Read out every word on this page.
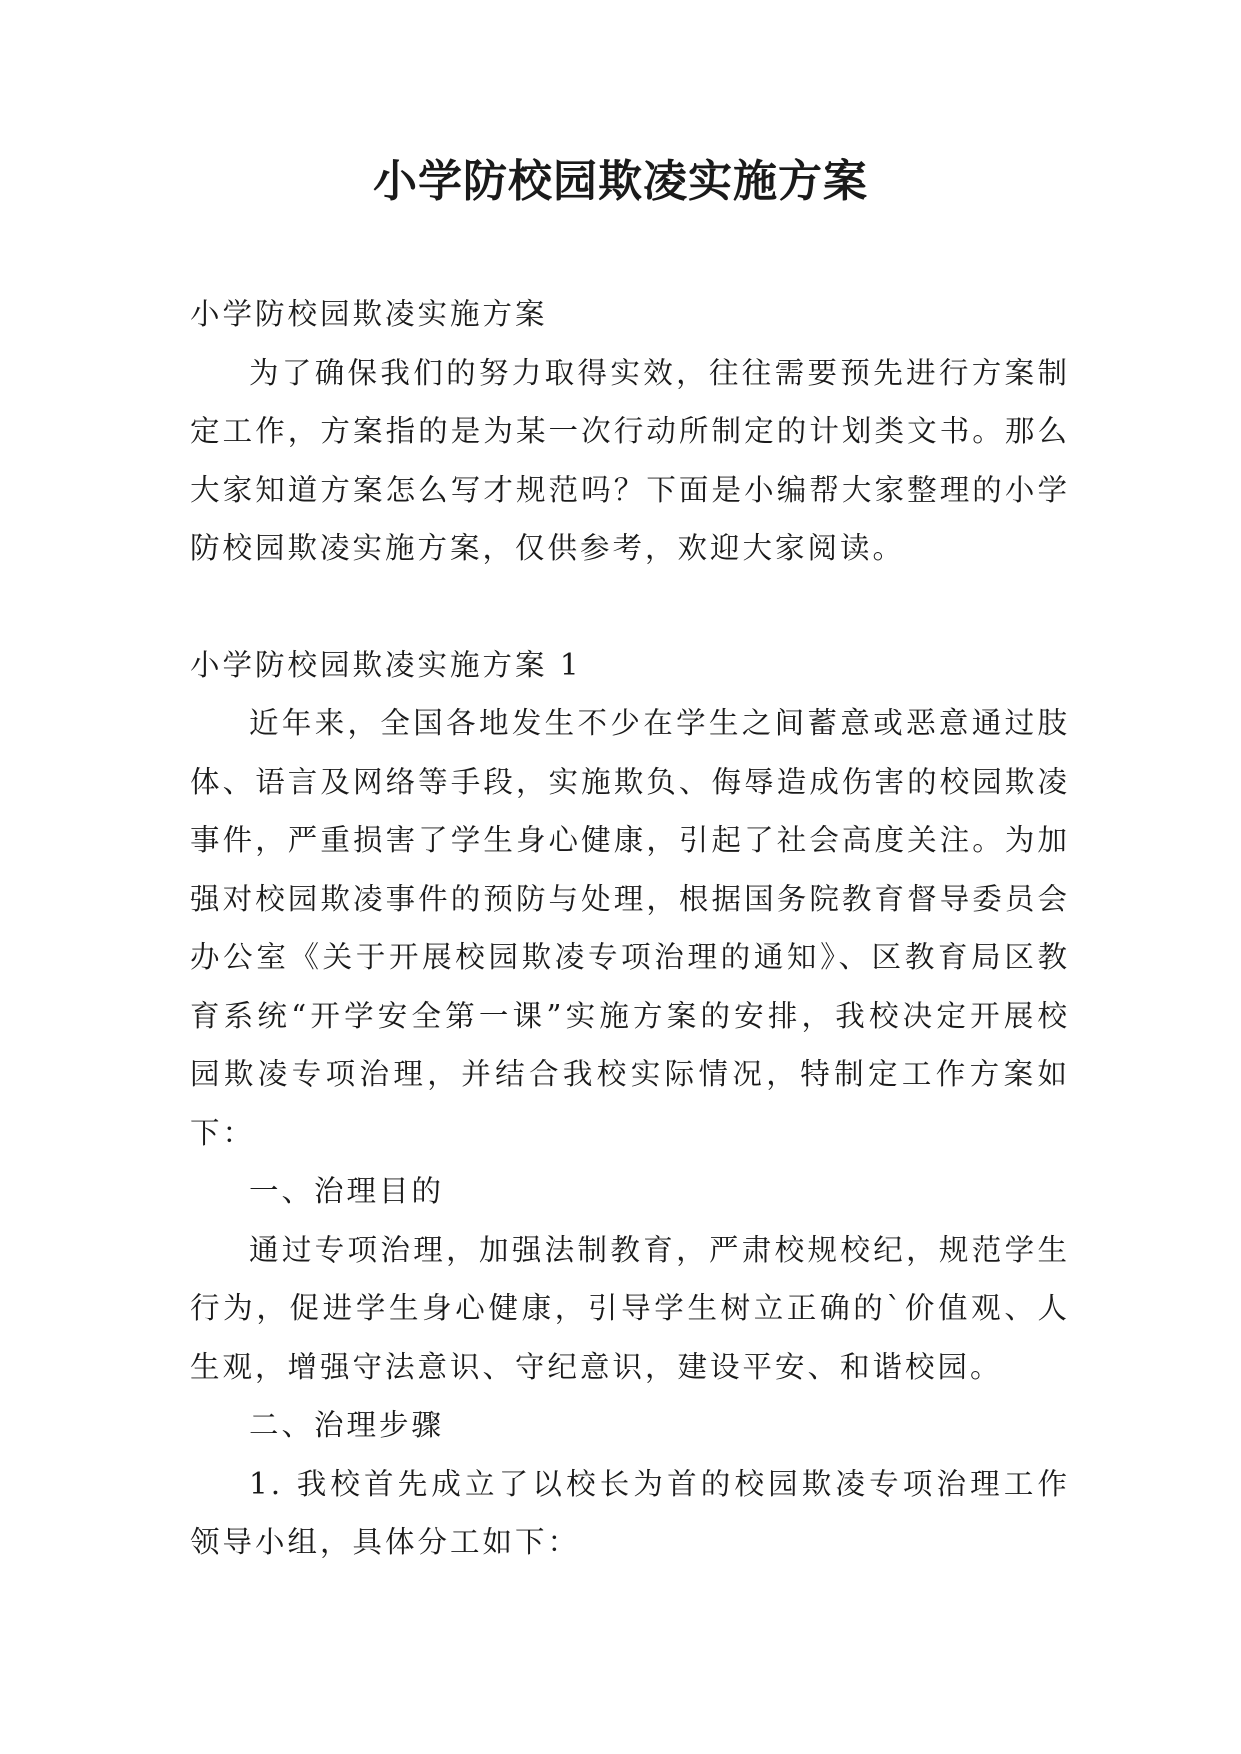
小学防校园欺凌实施方案

小学防校园欺凌实施方案

为了确保我们的努力取得实效，往往需要预先进行方案制定工作，方案指的是为某一次行动所制定的计划类文书。那么大家知道方案怎么写才规范吗？下面是小编帮大家整理的小学防校园欺凌实施方案，仅供参考，欢迎大家阅读。

小学防校园欺凌实施方案 1

近年来，全国各地发生不少在学生之间蓄意或恶意通过肢体、语言及网络等手段，实施欺负、侮辱造成伤害的校园欺凌事件，严重损害了学生身心健康，引起了社会高度关注。为加强对校园欺凌事件的预防与处理，根据国务院教育督导委员会办公室《关于开展校园欺凌专项治理的通知》、区教育局区教育系统“开学安全第一课”实施方案的安排，我校决定开展校园欺凌专项治理，并结合我校实际情况，特制定工作方案如下：

一、治理目的

通过专项治理，加强法制教育，严肃校规校纪，规范学生行为，促进学生身心健康，引导学生树立正确的`价值观、人生观，增强守法意识、守纪意识，建设平安、和谐校园。

二、治理步骤

1. 我校首先成立了以校长为首的校园欺凌专项治理工作领导小组，具体分工如下：
